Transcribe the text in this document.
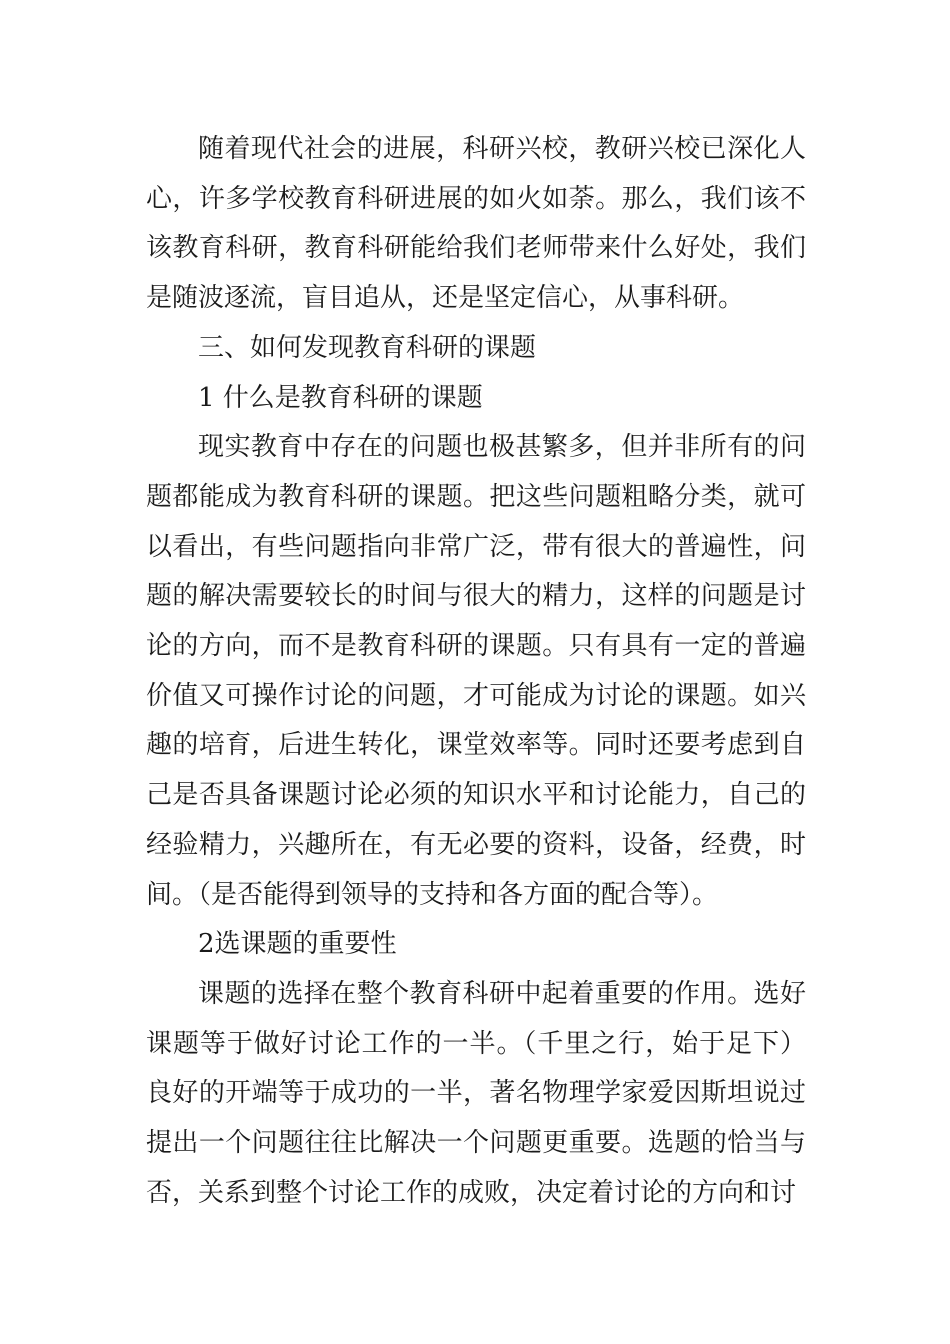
随着现代社会的进展，科研兴校，教研兴校已深化人心，许多学校教育科研进展的如火如荼。那么，我们该不该教育科研，教育科研能给我们老师带来什么好处，我们是随波逐流，盲目追从，还是坚定信心，从事科研。

三、如何发现教育科研的课题

1 什么是教育科研的课题

现实教育中存在的问题也极甚繁多，但并非所有的问题都能成为教育科研的课题。把这些问题粗略分类，就可以看出，有些问题指向非常广泛，带有很大的普遍性，问题的解决需要较长的时间与很大的精力，这样的问题是讨论的方向，而不是教育科研的课题。只有具有一定的普遍价值又可操作讨论的问题，才可能成为讨论的课题。如兴趣的培育，后进生转化，课堂效率等。同时还要考虑到自己是否具备课题讨论必须的知识水平和讨论能力，自己的经验精力，兴趣所在，有无必要的资料，设备，经费，时间。（是否能得到领导的支持和各方面的配合等）。

2选课题的重要性

课题的选择在整个教育科研中起着重要的作用。选好课题等于做好讨论工作的一半。（千里之行，始于足下）良好的开端等于成功的一半，著名物理学家爱因斯坦说过提出一个问题往往比解决一个问题更重要。选题的恰当与否，关系到整个讨论工作的成败，决定着讨论的方向和讨
